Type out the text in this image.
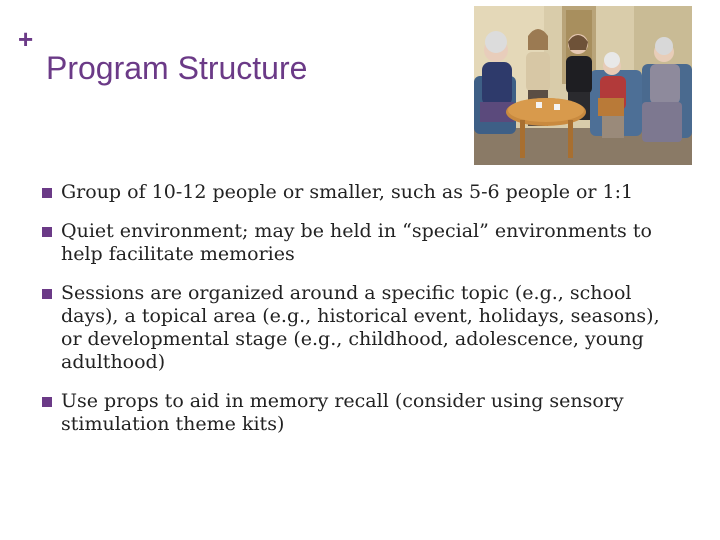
+
Program Structure
Group of 10-12 people or smaller, such as 5-6 people or 1:1
Quiet environment; may be held in “special” environments to help facilitate memories
Sessions are organized around a specific topic (e.g., school days), a topical area (e.g., historical event, holidays, seasons), or developmental stage (e.g., childhood, adolescence, young adulthood)
Use props to aid in memory recall (consider using sensory stimulation theme kits)
